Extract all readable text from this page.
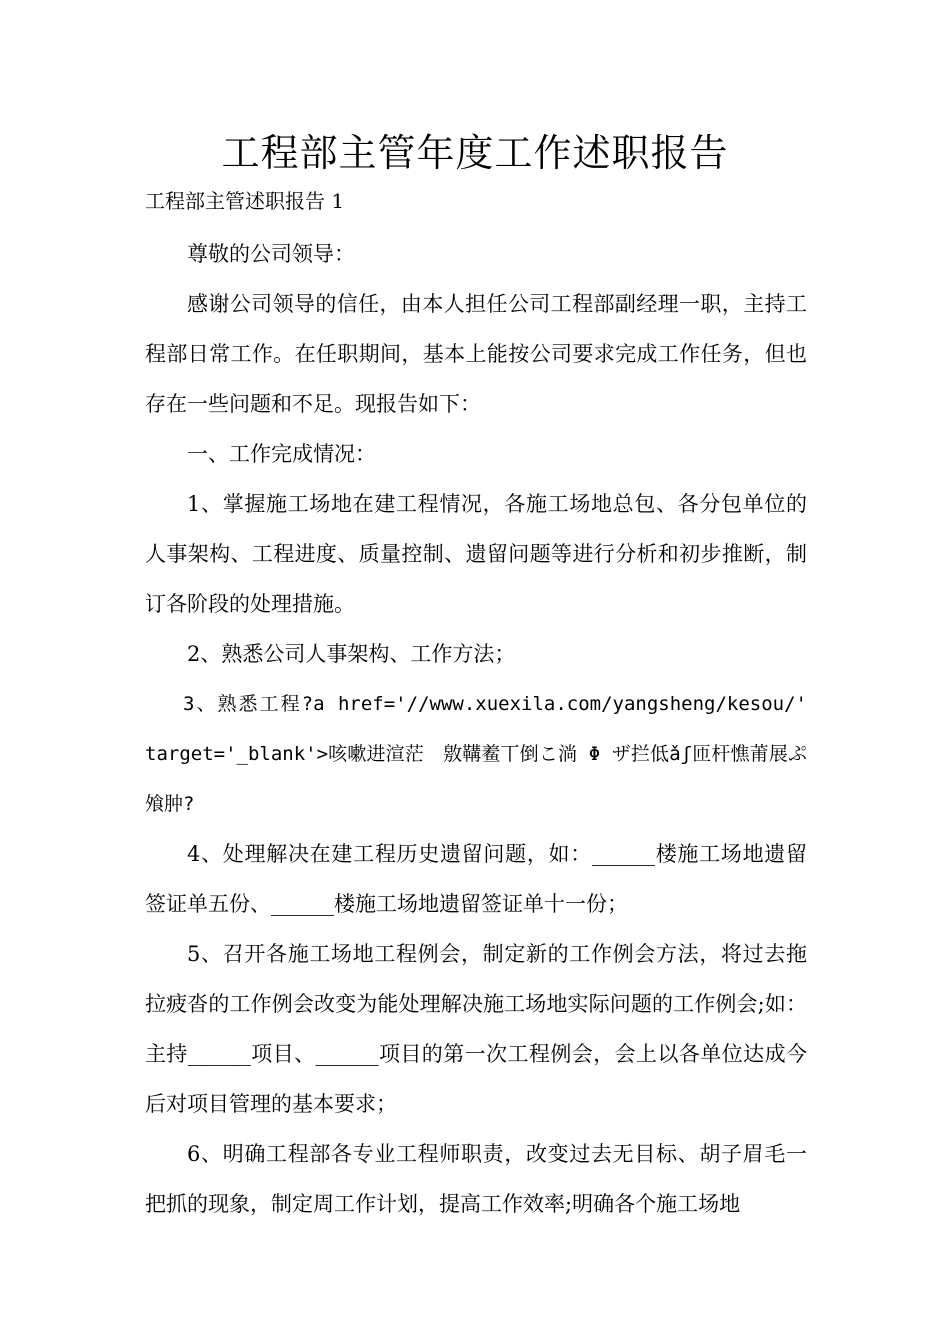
工程部主管年度工作述职报告
工程部主管述职报告 1

尊敬的公司领导：

感谢公司领导的信任，由本人担任公司工程部副经理一职，主持工程部日常工作。在任职期间，基本上能按公司要求完成工作任务，但也存在一些问题和不足。现报告如下：

一、工作完成情况：

1、掌握施工场地在建工程情况，各施工场地总包、各分包单位的人事架构、工程进度、质量控制、遗留问题等进行分析和初步推断，制订各阶段的处理措施。

2、熟悉公司人事架构、工作方法；

3、熟悉工程?a href='//www.xuexila.com/yangsheng/kesou/' target='_blank'>咳嗽进渲茫　敫鞲鲝丅倒こ淌 Φ ザ拦低ǎʃ匝杆憔莆展ぷ飧肿?

4、处理解决在建工程历史遗留问题，如：______楼施工场地遗留签证单五份、______楼施工场地遗留签证单十一份；

5、召开各施工场地工程例会，制定新的工作例会方法，将过去拖拉疲沓的工作例会改变为能处理解决施工场地实际问题的工作例会;如：主持______项目、______项目的第一次工程例会，会上以各单位达成今后对项目管理的基本要求；

6、明确工程部各专业工程师职责，改变过去无目标、胡子眉毛一把抓的现象，制定周工作计划，提高工作效率;明确各个施工场地
